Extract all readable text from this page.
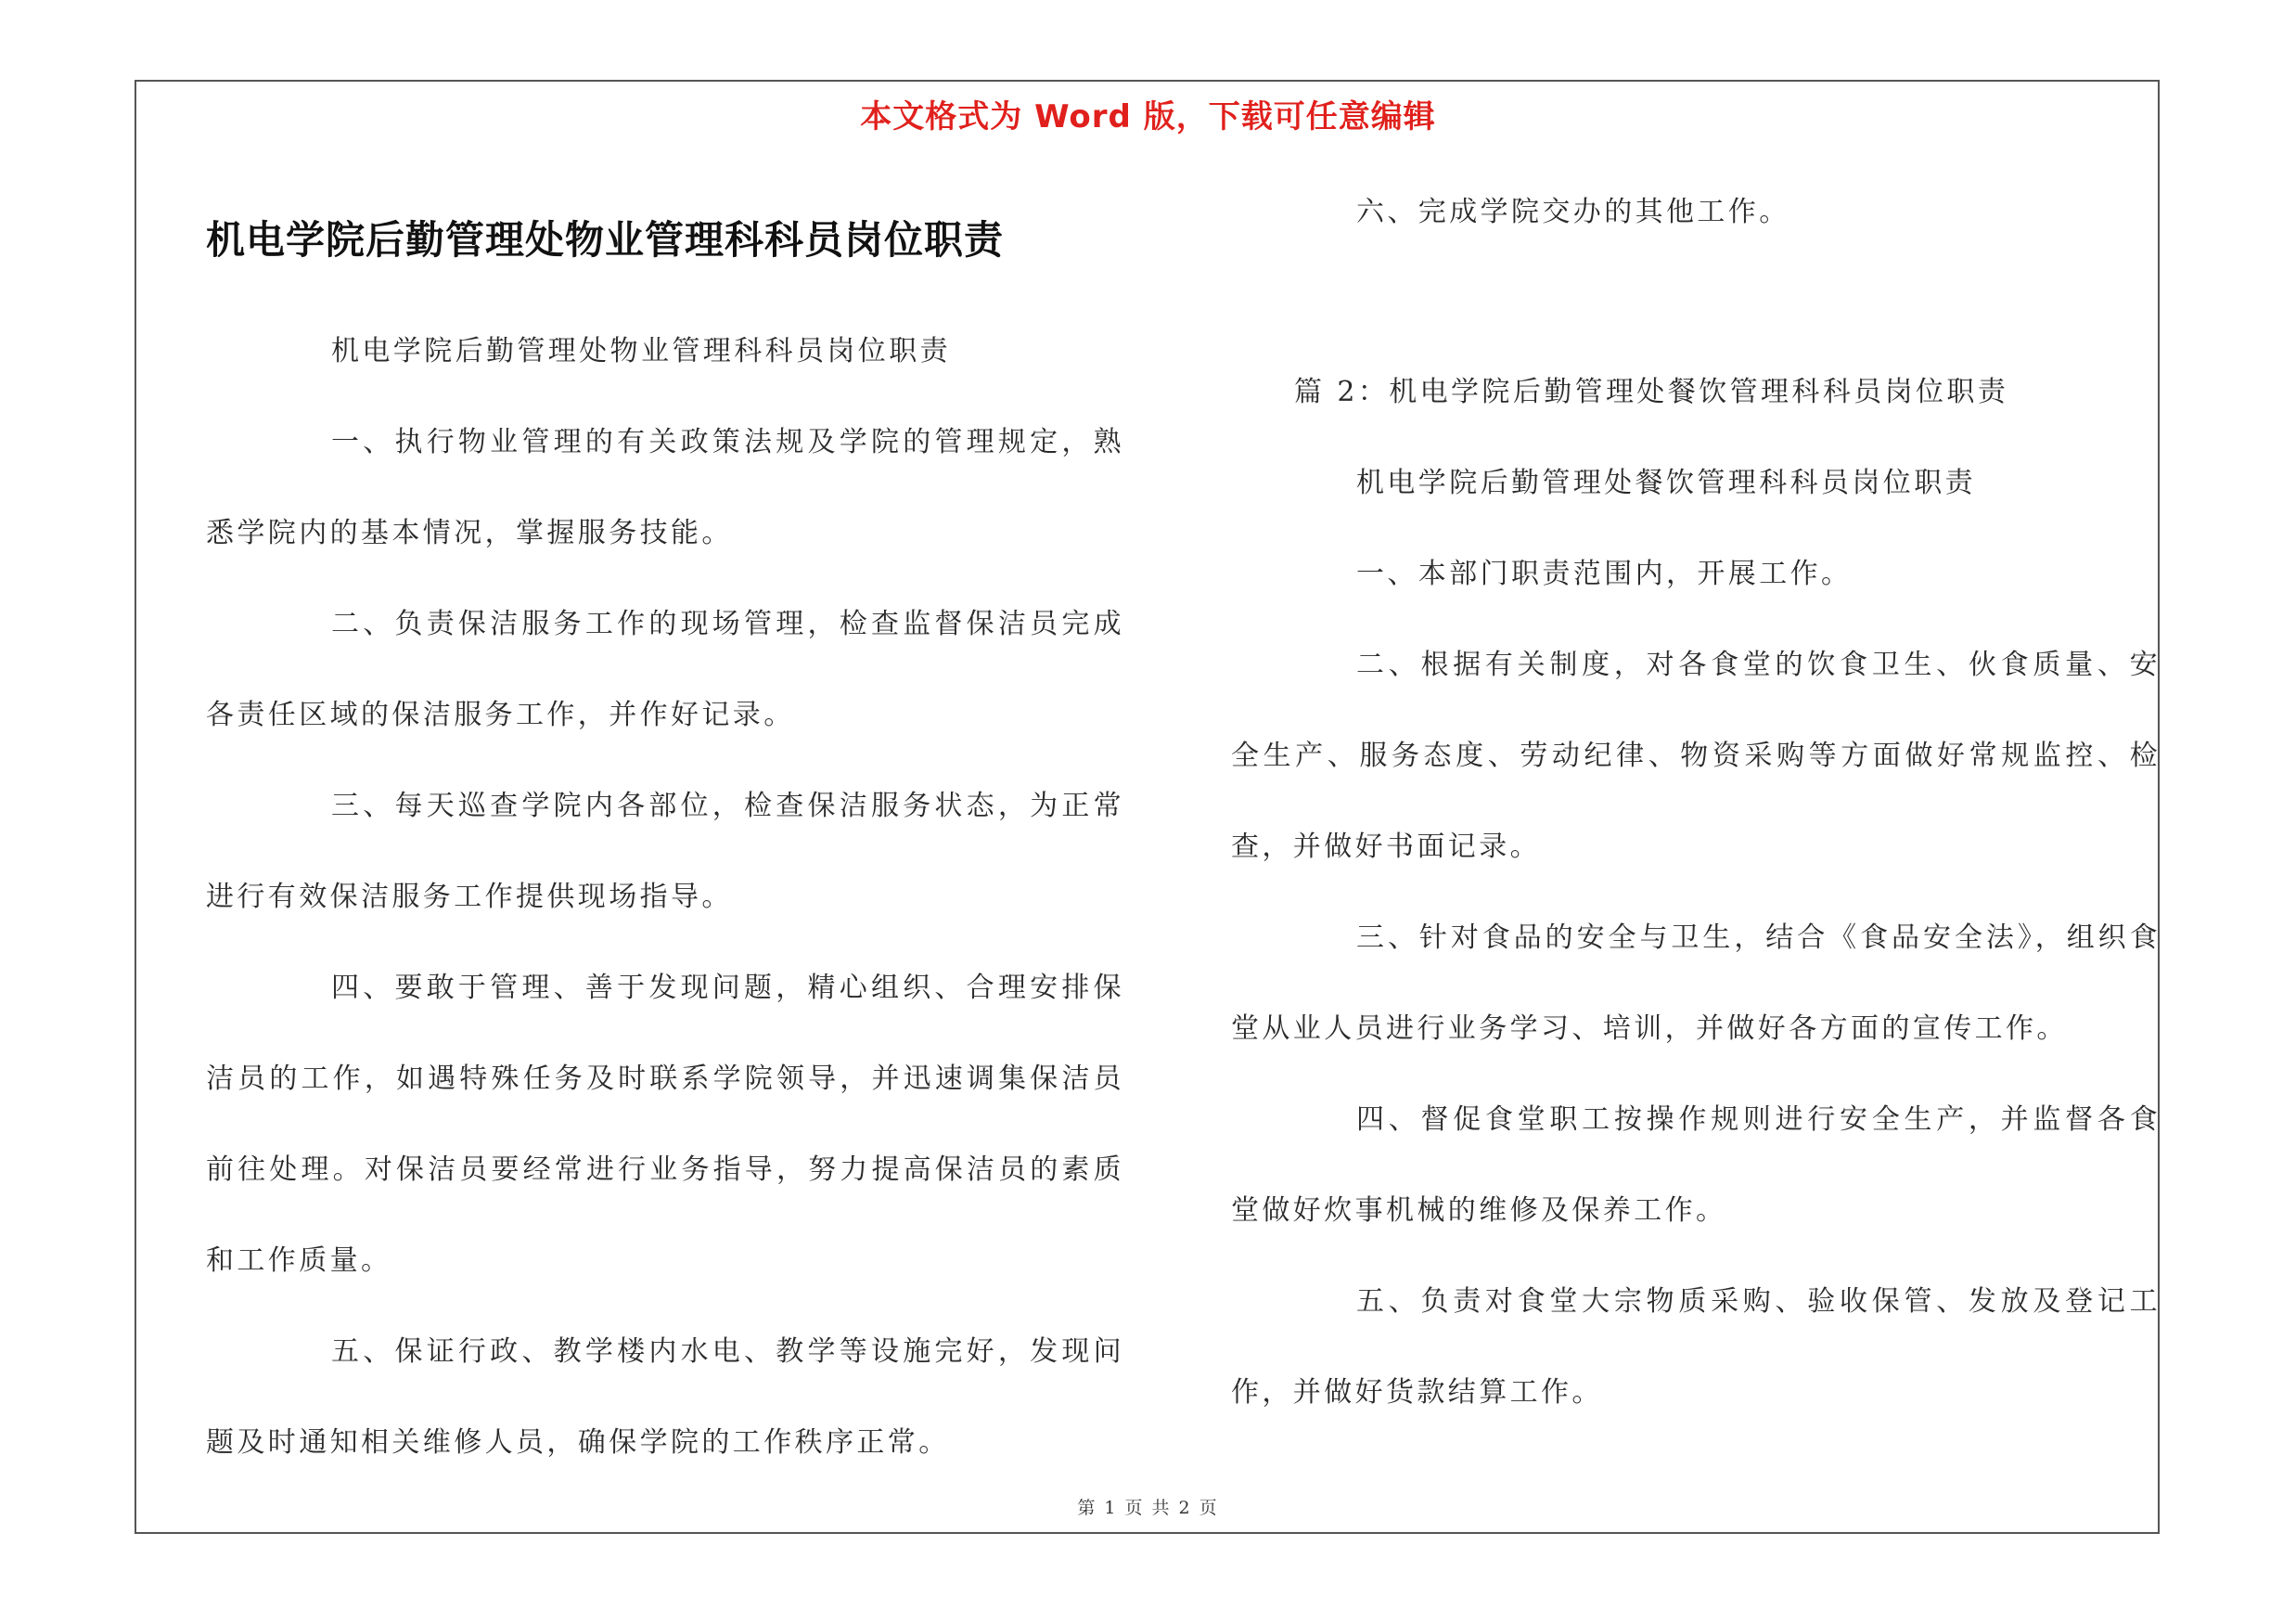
本文格式为 Word 版，下载可任意编辑
机电学院后勤管理处物业管理科科员岗位职责
机电学院后勤管理处物业管理科科员岗位职责
一、执行物业管理的有关政策法规及学院的管理规定，熟悉学院内的基本情况，掌握服务技能。
二、负责保洁服务工作的现场管理，检查监督保洁员完成各责任区域的保洁服务工作，并作好记录。
三、每天巡查学院内各部位，检查保洁服务状态，为正常进行有效保洁服务工作提供现场指导。
四、要敢于管理、善于发现问题，精心组织、合理安排保洁员的工作，如遇特殊任务及时联系学院领导，并迅速调集保洁员前往处理。对保洁员要经常进行业务指导，努力提高保洁员的素质和工作质量。
五、保证行政、教学楼内水电、教学等设施完好，发现问题及时通知相关维修人员，确保学院的工作秩序正常。
六、完成学院交办的其他工作。
篇 2：机电学院后勤管理处餐饮管理科科员岗位职责
机电学院后勤管理处餐饮管理科科员岗位职责
一、本部门职责范围内，开展工作。
二、根据有关制度，对各食堂的饮食卫生、伙食质量、安全生产、服务态度、劳动纪律、物资采购等方面做好常规监控、检查，并做好书面记录。
三、针对食品的安全与卫生，结合《食品安全法》，组织食堂从业人员进行业务学习、培训，并做好各方面的宣传工作。
四、督促食堂职工按操作规则进行安全生产，并监督各食堂做好炊事机械的维修及保养工作。
五、负责对食堂大宗物质采购、验收保管、发放及登记工作，并做好货款结算工作。
第 1 页 共 2 页
